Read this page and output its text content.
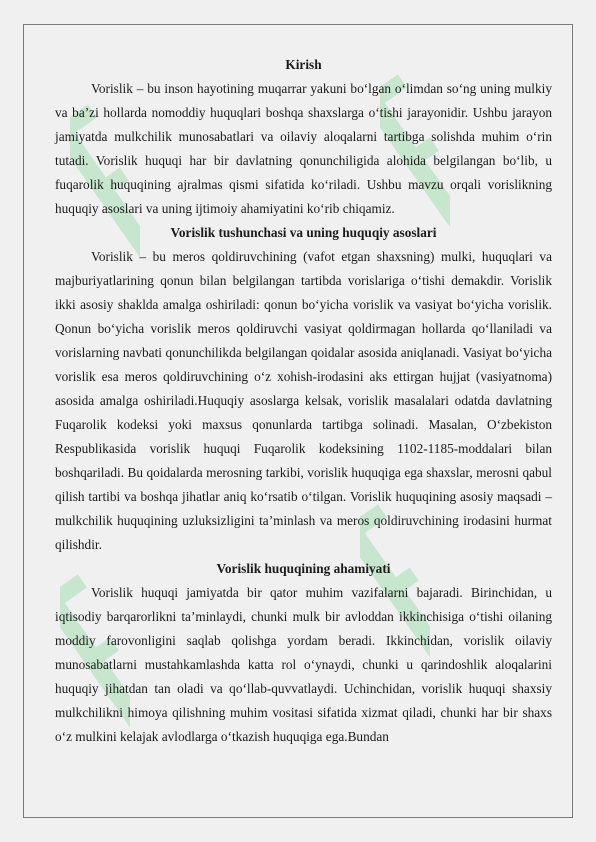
Kirish

Vorislik – bu inson hayotining muqarrar yakuni bo‘lgan o‘limdan so‘ng uning mulkiy va ba’zi hollarda nomoddiy huquqlari boshqa shaxslarga o‘tishi jarayonidir. Ushbu jarayon jamiyatda mulkchilik munosabatlari va oilaviy aloqalarni tartibga solishda muhim o‘rin tutadi. Vorislik huquqi har bir davlatning qonunchiligida alohida belgilangan bo‘lib, u fuqarolik huquqining ajralmas qismi sifatida ko‘riladi. Ushbu mavzu orqali vorislikning huquqiy asoslari va uning ijtimoiy ahamiyatini ko‘rib chiqamiz.

Vorislik tushunchasi va uning huquqiy asoslari

Vorislik – bu meros qoldiruvchining (vafot etgan shaxsning) mulki, huquqlari va majburiyatlarining qonun bilan belgilangan tartibda vorislariga o‘tishi demakdir. Vorislik ikki asosiy shaklda amalga oshiriladi: qonun bo‘yicha vorislik va vasiyat bo‘yicha vorislik. Qonun bo‘yicha vorislik meros qoldiruvchi vasiyat qoldirmagan hollarda qo‘llaniladi va vorislarning navbati qonunchilikda belgilangan qoidalar asosida aniqlanadi. Vasiyat bo‘yicha vorislik esa meros qoldiruvchining o‘z xohish-irodasini aks ettirgan hujjat (vasiyatnoma) asosida amalga oshiriladi.Huquqiy asoslarga kelsak, vorislik masalalari odatda davlatning Fuqarolik kodeksi yoki maxsus qonunlarda tartibga solinadi. Masalan, O‘zbekiston Respublikasida vorislik huquqi Fuqarolik kodeksining 1102-1185-moddalari bilan boshqariladi. Bu qoidalarda merosning tarkibi, vorislik huquqiga ega shaxslar, merosni qabul qilish tartibi va boshqa jihatlar aniq ko‘rsatib o‘tilgan. Vorislik huquqining asosiy maqsadi – mulkchilik huquqining uzluksizligini ta’minlash va meros qoldiruvchining irodasini hurmat qilishdir.

Vorislik huquqining ahamiyati

Vorislik huquqi jamiyatda bir qator muhim vazifalarni bajaradi. Birinchidan, u iqtisodiy barqarorlikni ta’minlaydi, chunki mulk bir avloddan ikkinchisiga o‘tishi oilaning moddiy farovonligini saqlab qolishga yordam beradi. Ikkinchidan, vorislik oilaviy munosabatlarni mustahkamlashda katta rol o‘ynaydi, chunki u qarindoshlik aloqalarini huquqiy jihatdan tan oladi va qo‘llab-quvvatlaydi. Uchinchidan, vorislik huquqi shaxsiy mulkchilikni himoya qilishning muhim vositasi sifatida xizmat qiladi, chunki har bir shaxs o‘z mulkini kelajak avlodlarga o‘tkazish huquqiga ega.Bundan
